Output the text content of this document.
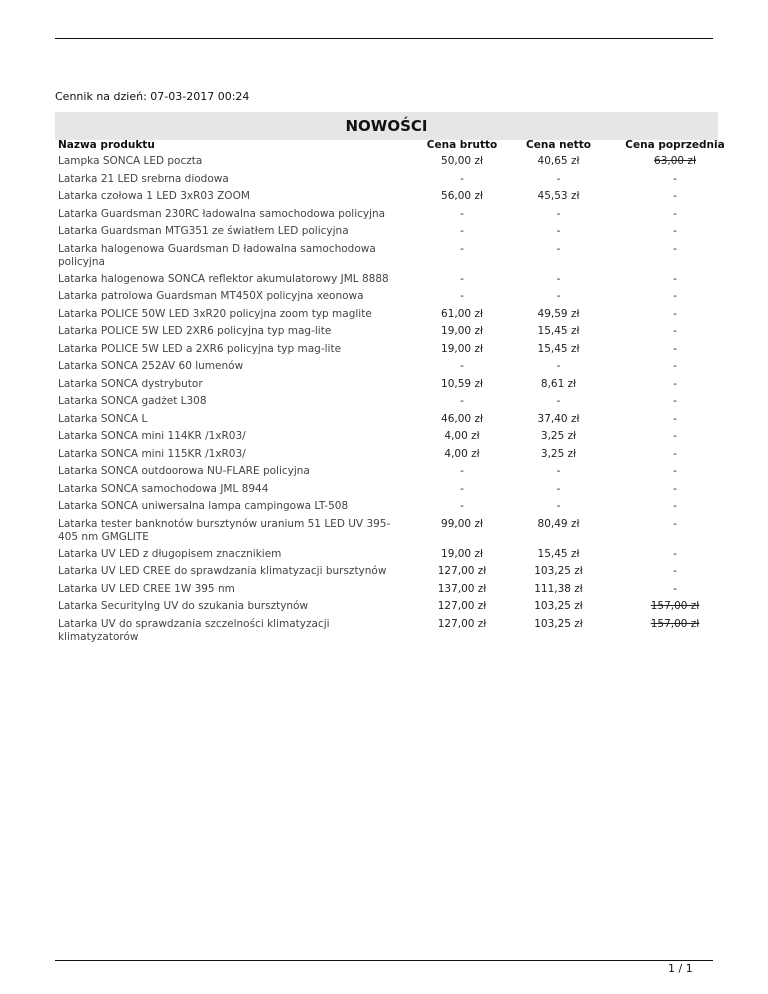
Cennik na dzień: 07-03-2017 00:24
NOWOŚCI
Nazwa produktu	Cena brutto	Cena netto	Cena poprzednia
Lampka SONCA LED poczta	50,00 zł	40,65 zł	63,00 zł
Latarka 21 LED srebrna diodowa	-	-	-
Latarka czołowa 1 LED 3xR03 ZOOM	56,00 zł	45,53 zł	-
Latarka Guardsman 230RC ładowalna samochodowa policyjna	-	-	-
Latarka Guardsman MTG351 ze światłem LED policyjna	-	-	-
Latarka halogenowa Guardsman D ładowalna samochodowa policyjna	-	-	-
Latarka halogenowa SONCA reflektor akumulatorowy JML 8888	-	-	-
Latarka patrolowa Guardsman MT450X policyjna xeonowa	-	-	-
Latarka POLICE 50W LED 3xR20 policyjna zoom typ maglite	61,00 zł	49,59 zł	-
Latarka POLICE 5W LED 2XR6 policyjna typ mag-lite	19,00 zł	15,45 zł	-
Latarka POLICE 5W LED a 2XR6 policyjna typ mag-lite	19,00 zł	15,45 zł	-
Latarka SONCA 252AV 60 lumenów	-	-	-
Latarka SONCA dystrybutor	10,59 zł	8,61 zł	-
Latarka SONCA gadżet L308	-	-	-
Latarka SONCA L	46,00 zł	37,40 zł	-
Latarka SONCA mini 114KR /1xR03/	4,00 zł	3,25 zł	-
Latarka SONCA mini 115KR /1xR03/	4,00 zł	3,25 zł	-
Latarka SONCA outdoorowa NU-FLARE policyjna	-	-	-
Latarka SONCA samochodowa JML 8944	-	-	-
Latarka SONCA uniwersalna lampa campingowa LT-508	-	-	-
Latarka tester banknotów bursztynów uranium 51 LED UV 395-405 nm GMGLITE	99,00 zł	80,49 zł	-
Latarka UV LED z długopisem znacznikiem	19,00 zł	15,45 zł	-
Latarka UV LED CREE do sprawdzania klimatyzacji bursztynów	127,00 zł	103,25 zł	-
Latarka UV LED CREE 1W 395 nm	137,00 zł	111,38 zł	-
Latarka Securitylng UV do szukania bursztynów	127,00 zł	103,25 zł	157,00 zł
Latarka UV do sprawdzania szczelności klimatyzacji klimatyzatorów	127,00 zł	103,25 zł	157,00 zł
1 / 1
